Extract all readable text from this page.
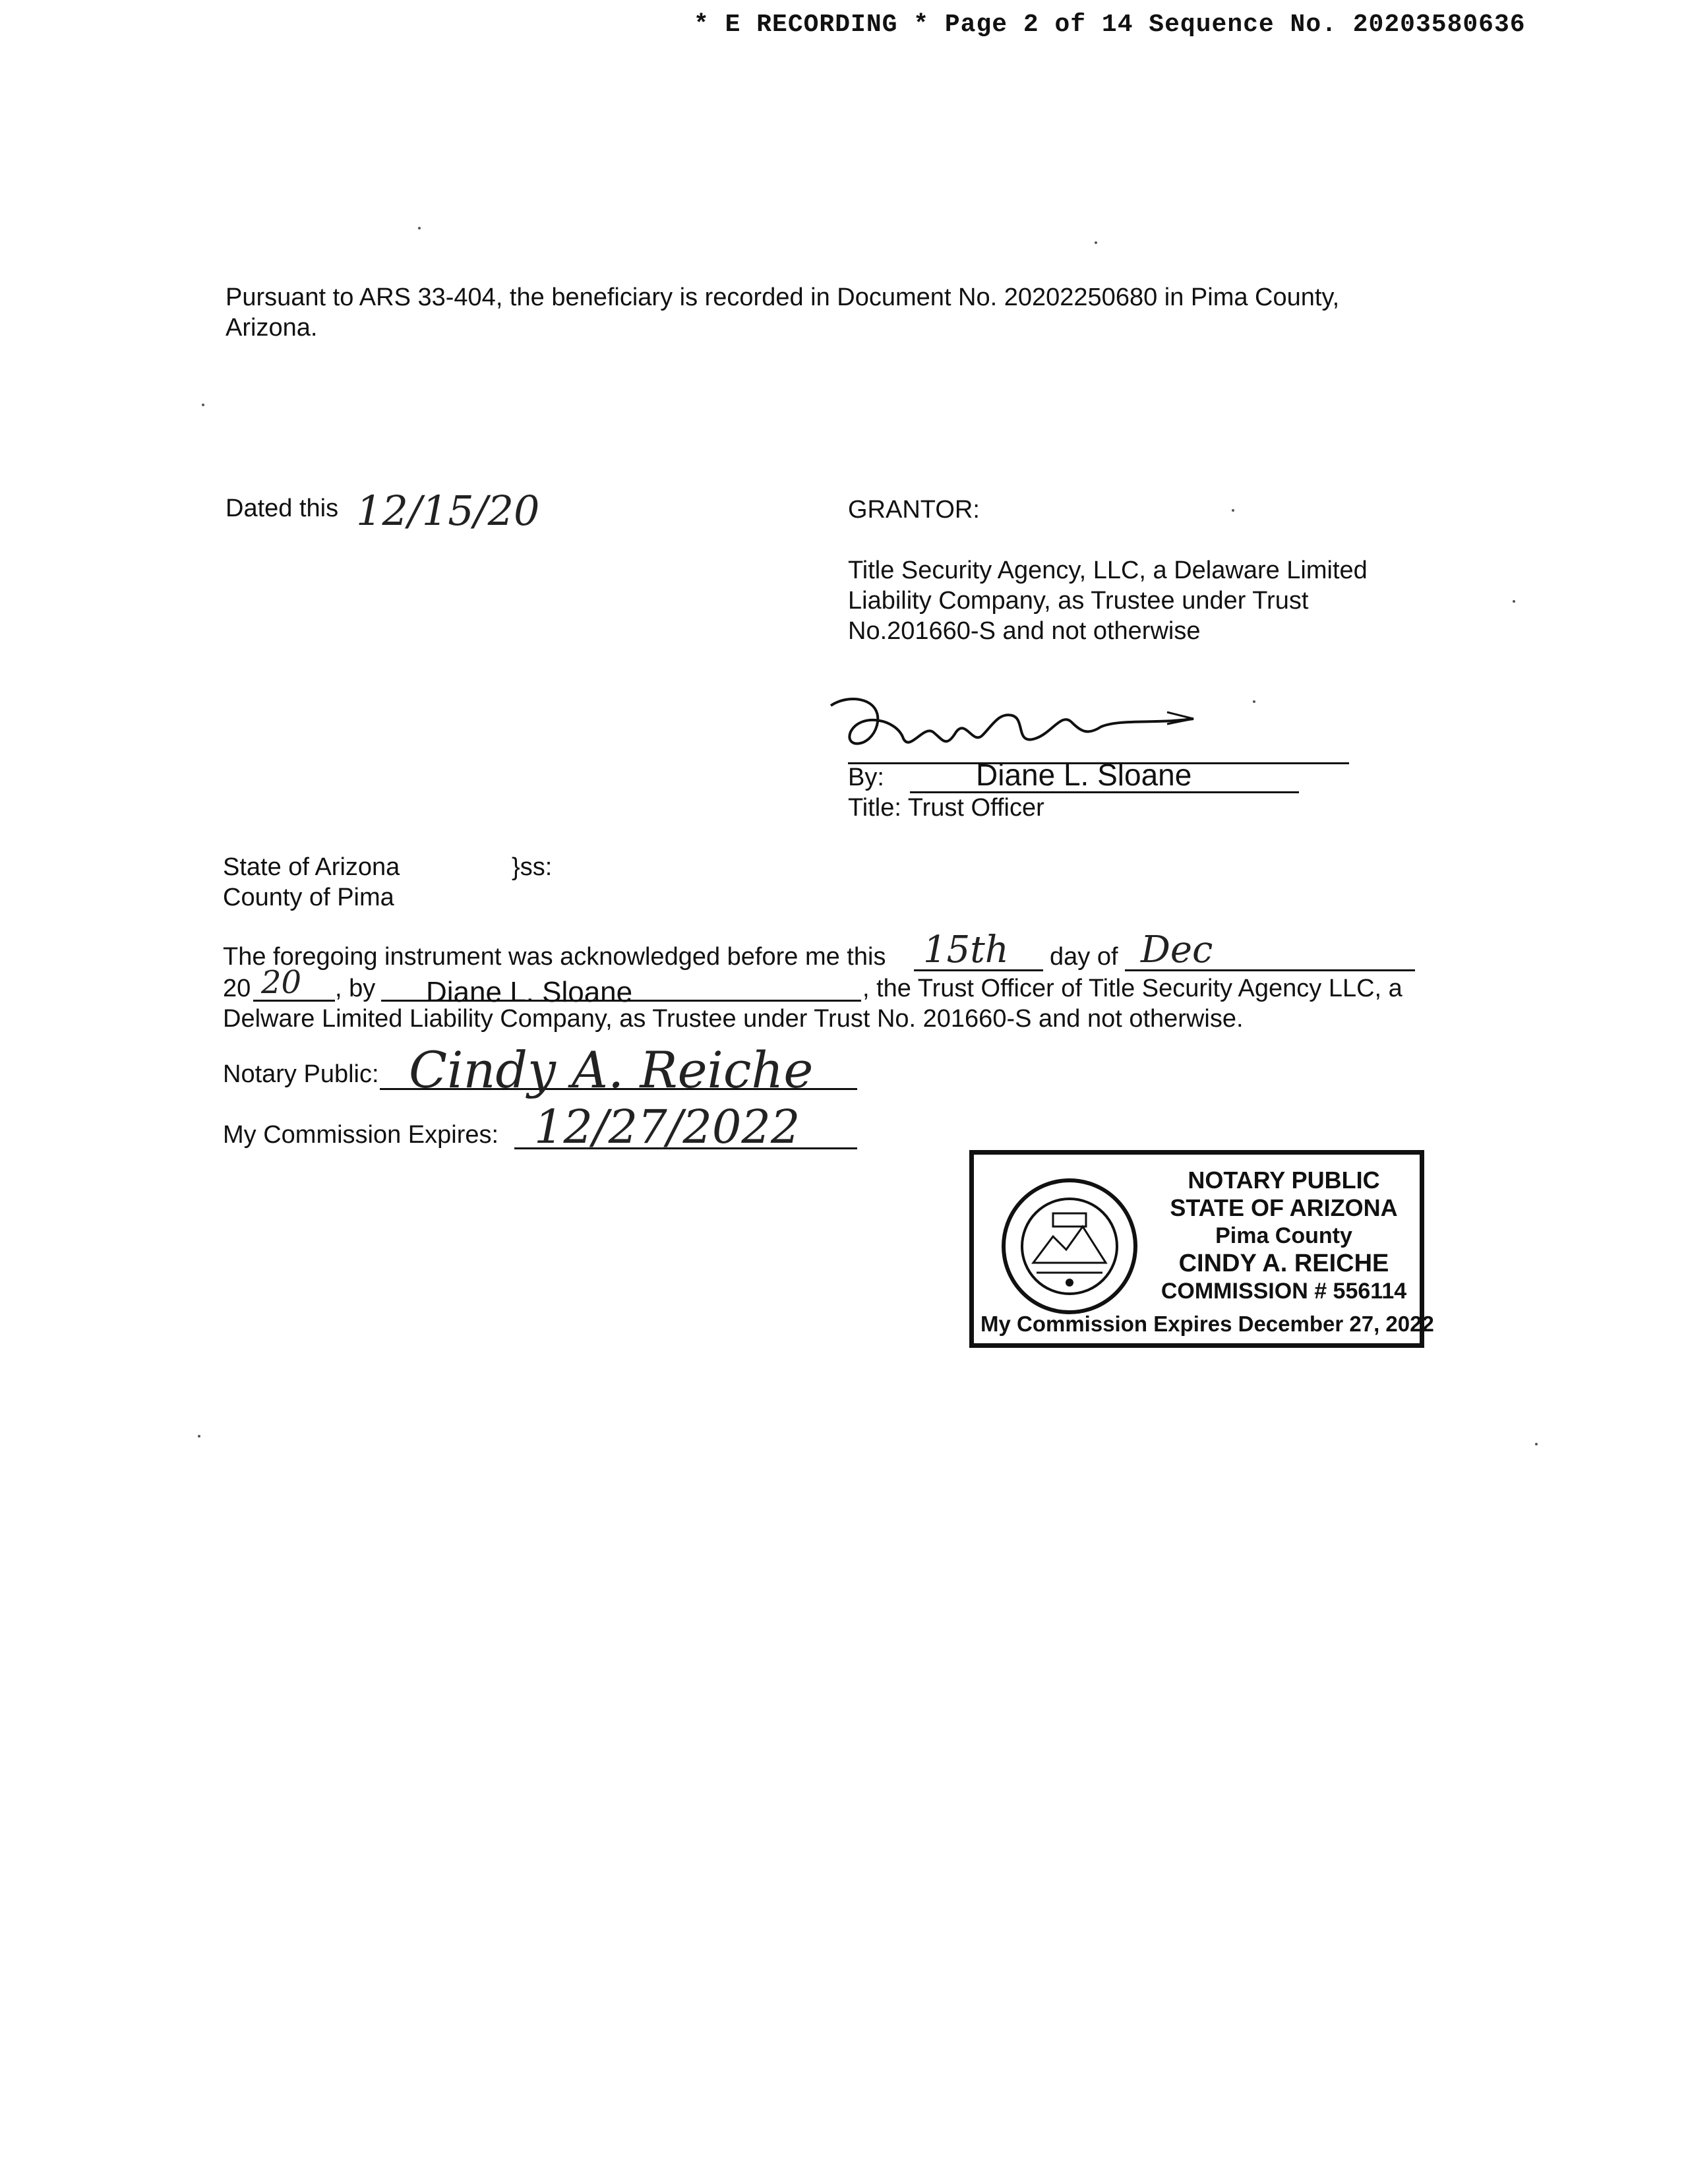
* E RECORDING * Page 2 of 14 Sequence No. 20203580636
Pursuant to ARS 33-404, the beneficiary is recorded in Document No. 20202250680 in Pima County,
Arizona.
Dated this 12/15/20	GRANTOR:
Title Security Agency, LLC, a Delaware Limited
Liability Company, as Trustee under Trust
No.201660-S and not otherwise
By:	Diane L. Sloane
Title: Trust Officer
State of Arizona	}ss:
County of Pima
The foregoing instrument was acknowledged before me this 15th day of Dec
20 20 , by Diane L. Sloane	, the Trust Officer of Title Security Agency LLC, a
Delware Limited Liability Company, as Trustee under Trust No. 201660-S and not otherwise.
Notary Public: Cindy A. Reiche
My Commission Expires: 12/27/2022
NOTARY PUBLIC
STATE OF ARIZONA
Pima County
CINDY A. REICHE
COMMISSION # 556114
My Commission Expires December 27, 2022
